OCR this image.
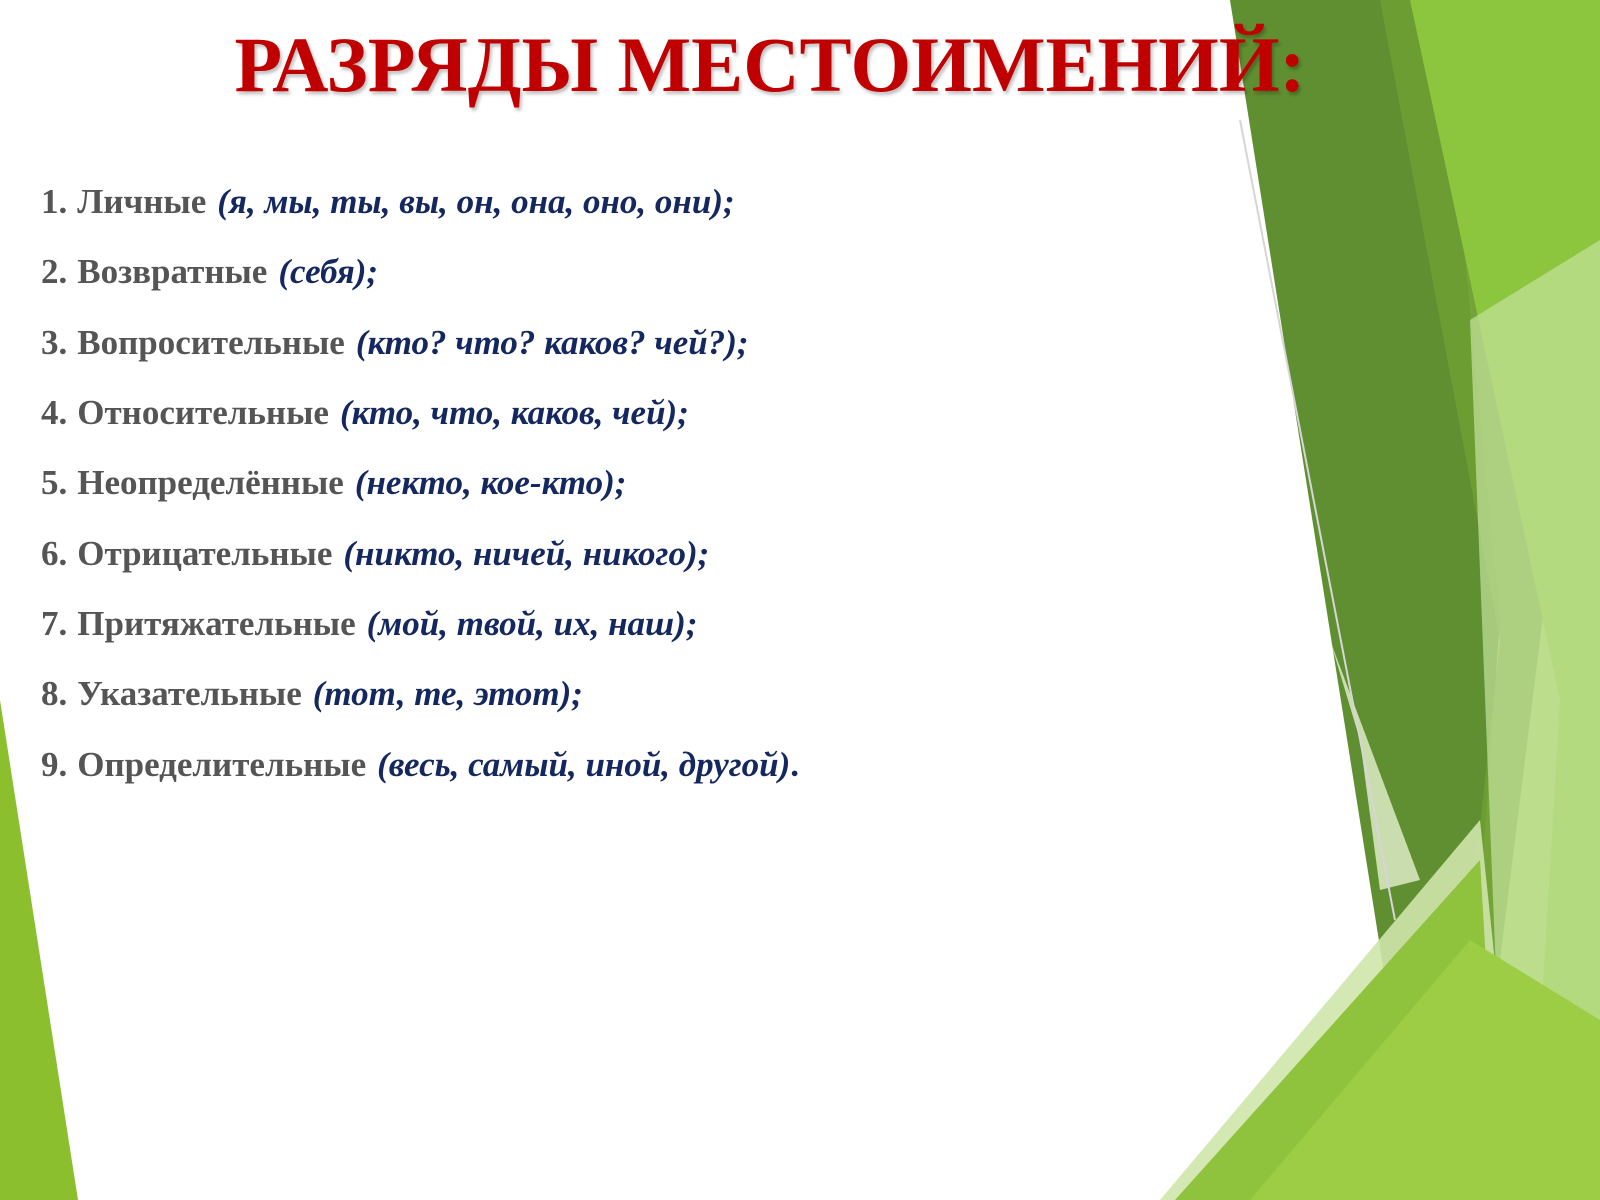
РАЗРЯДЫ МЕСТОИМЕНИЙ:
1. Личные (я, мы, ты, вы, он, она, оно, они);
2. Возвратные (себя);
3. Вопросительные (кто? что? каков? чей?);
4. Относительные (кто, что, каков, чей);
5. Неопределённые (некто, кое-кто);
6. Отрицательные (никто, ничей, никого);
7. Притяжательные (мой, твой, их, наш);
8. Указательные (тот, те, этот);
9. Определительные (весь, самый, иной, другой) .
